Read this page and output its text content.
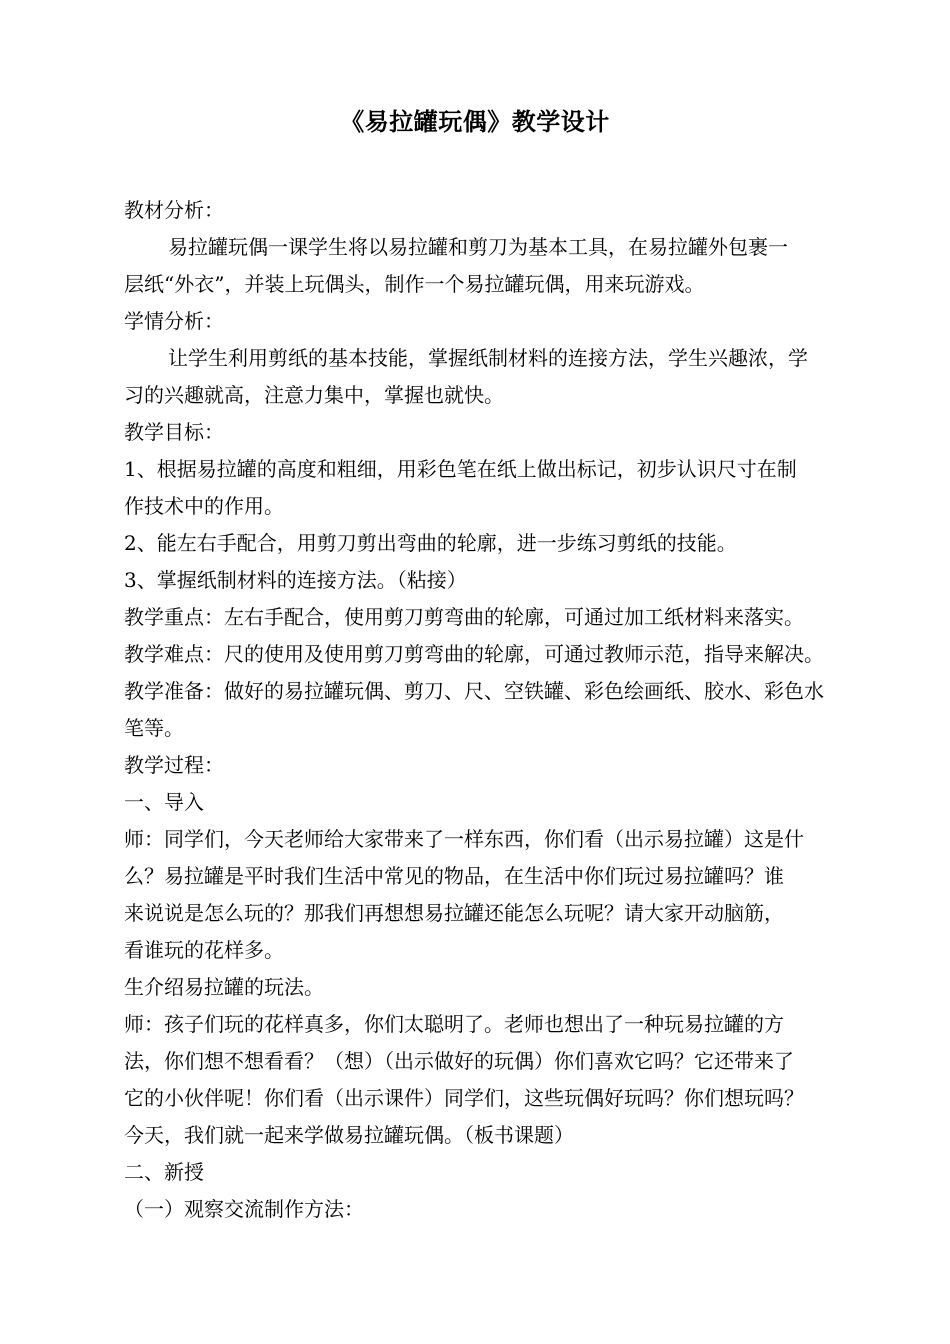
《易拉罐玩偶》教学设计
教材分析：
易拉罐玩偶一课学生将以易拉罐和剪刀为基本工具，在易拉罐外包裹一
层纸“外衣”，并装上玩偶头，制作一个易拉罐玩偶，用来玩游戏。
学情分析：
让学生利用剪纸的基本技能，掌握纸制材料的连接方法，学生兴趣浓，学
习的兴趣就高，注意力集中，掌握也就快。
教学目标：
1、根据易拉罐的高度和粗细，用彩色笔在纸上做出标记，初步认识尺寸在制
作技术中的作用。
2、能左右手配合，用剪刀剪出弯曲的轮廓，进一步练习剪纸的技能。
3、掌握纸制材料的连接方法。（粘接）
教学重点：左右手配合，使用剪刀剪弯曲的轮廓，可通过加工纸材料来落实。
教学难点：尺的使用及使用剪刀剪弯曲的轮廓，可通过教师示范，指导来解决。
教学准备：做好的易拉罐玩偶、剪刀、尺、空铁罐、彩色绘画纸、胶水、彩色水
笔等。
教学过程：
一、导入
师：同学们，今天老师给大家带来了一样东西，你们看（出示易拉罐）这是什
么？易拉罐是平时我们生活中常见的物品，在生活中你们玩过易拉罐吗？谁
来说说是怎么玩的？那我们再想想易拉罐还能怎么玩呢？请大家开动脑筋，
看谁玩的花样多。
生介绍易拉罐的玩法。
师：孩子们玩的花样真多，你们太聪明了。老师也想出了一种玩易拉罐的方
法，你们想不想看看？（想）（出示做好的玩偶）你们喜欢它吗？它还带来了
它的小伙伴呢！你们看（出示课件）同学们，这些玩偶好玩吗？你们想玩吗？
今天，我们就一起来学做易拉罐玩偶。（板书课题）
二、新授
（一）观察交流制作方法：
